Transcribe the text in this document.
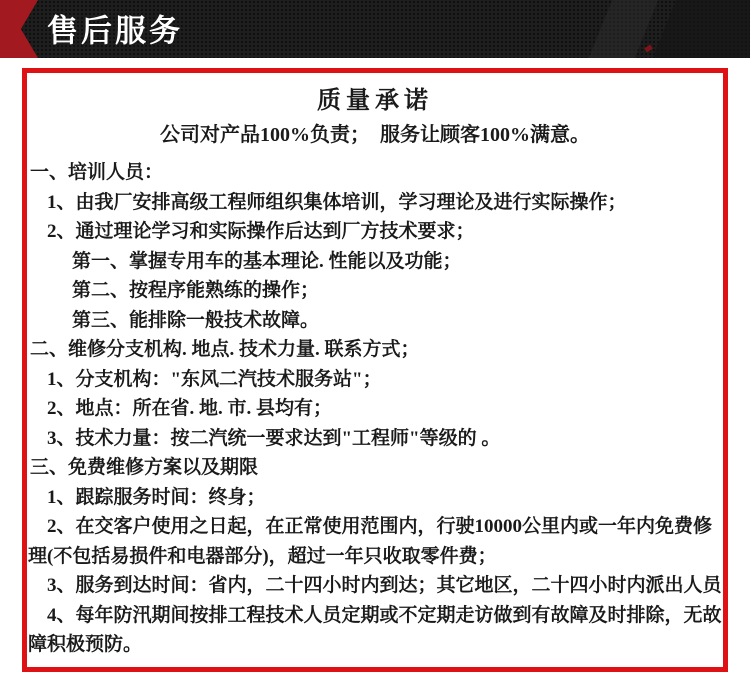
售后服务
质量承诺
公司对产品100%负责；  服务让顾客100%满意。
一、培训人员：
1、由我厂安排高级工程师组织集体培训，学习理论及进行实际操作；
2、通过理论学习和实际操作后达到厂方技术要求；
第一、掌握专用车的基本理论. 性能以及功能；
第二、按程序能熟练的操作；
第三、能排除一般技术故障。
二、维修分支机构. 地点. 技术力量. 联系方式；
1、分支机构："东风二汽技术服务站"；
2、地点：所在省. 地. 市. 县均有；
3、技术力量：按二汽统一要求达到"工程师"等级的 。
三、免费维修方案以及期限
1、跟踪服务时间：终身；
2、在交客户使用之日起，在正常使用范围内，行驶10000公里内或一年内免费修
理(不包括易损件和电器部分)，超过一年只收取零件费；
3、服务到达时间：省内，二十四小时内到达；其它地区，二十四小时内派出人员
4、每年防汛期间按排工程技术人员定期或不定期走访做到有故障及时排除，无故
障积极预防。
